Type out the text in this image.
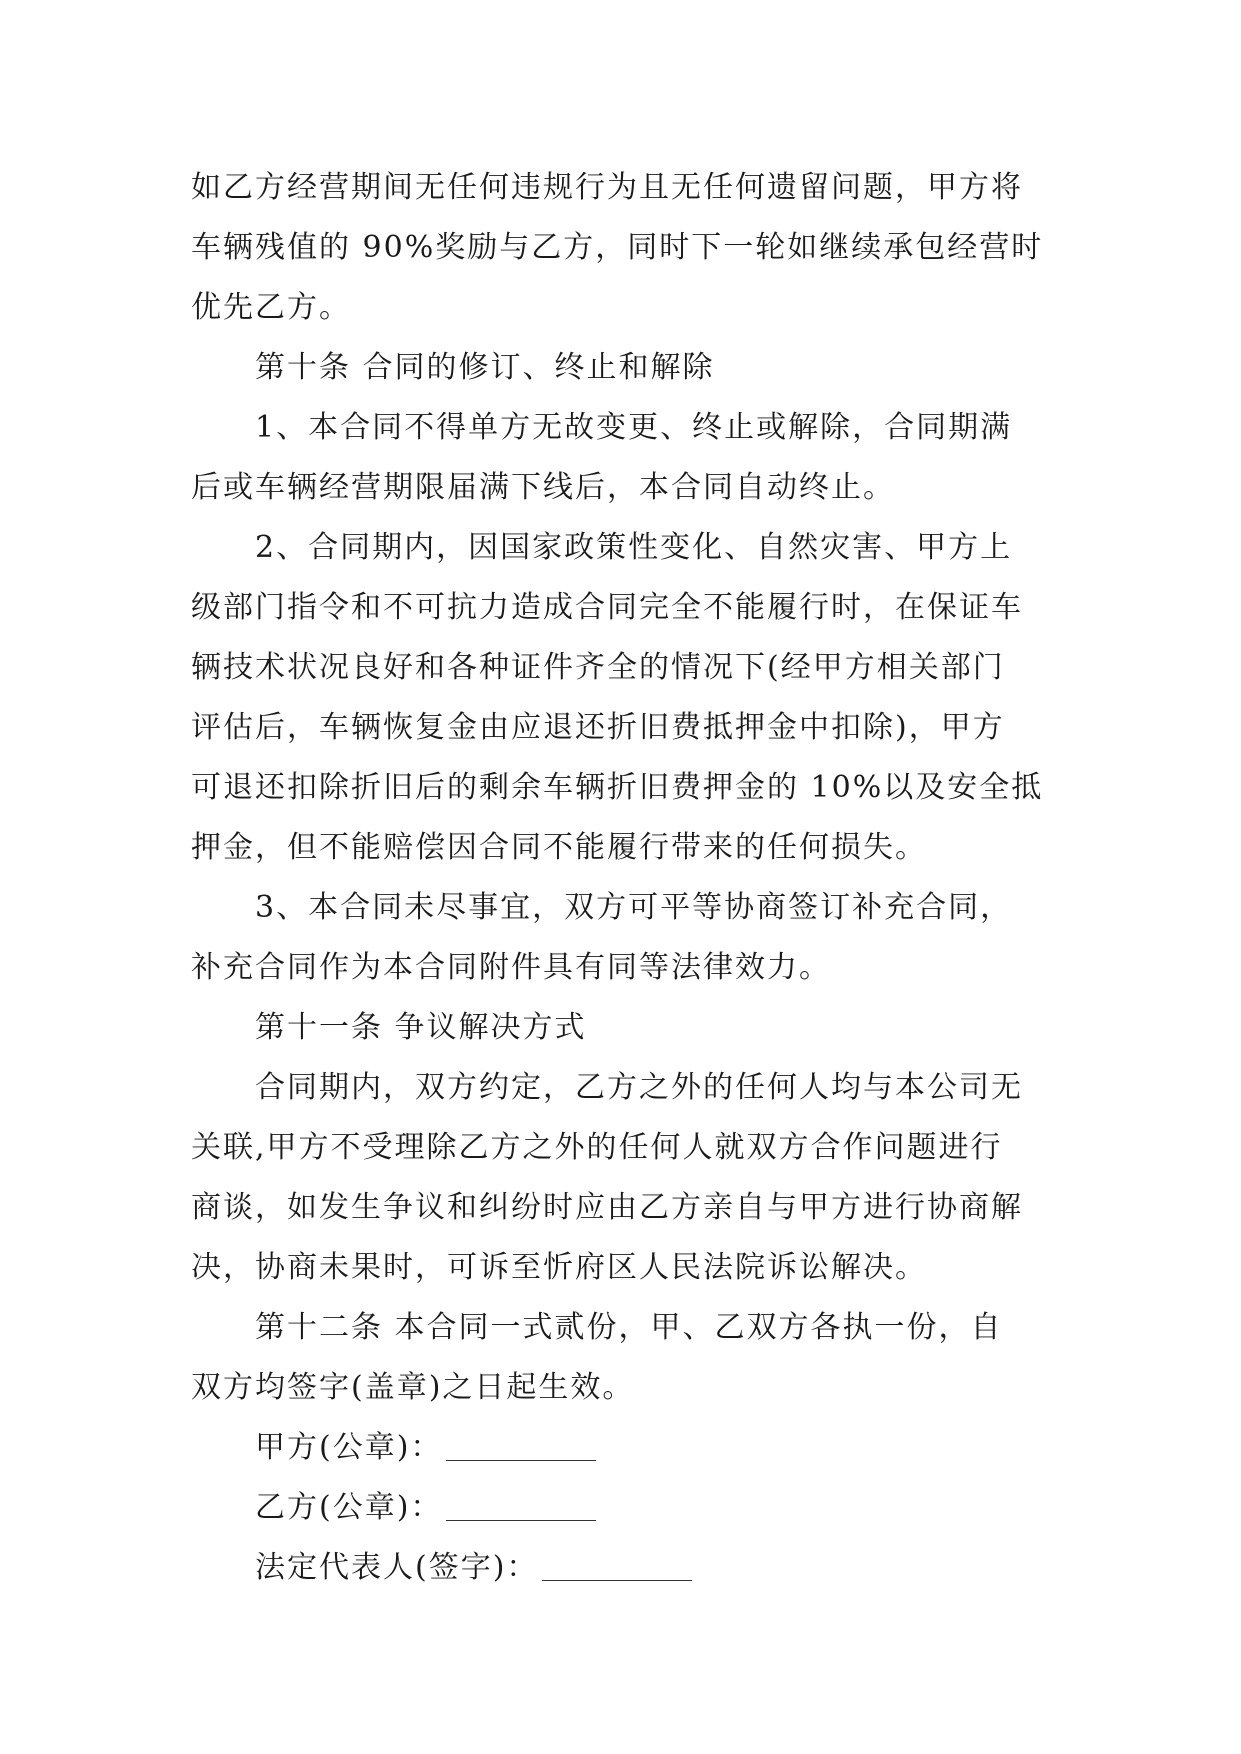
如乙方经营期间无任何违规行为且无任何遗留问题，甲方将
车辆残值的 90%奖励与乙方，同时下一轮如继续承包经营时
优先乙方。
第十条 合同的修订、终止和解除
1、本合同不得单方无故变更、终止或解除，合同期满
后或车辆经营期限届满下线后，本合同自动终止。
2、合同期内，因国家政策性变化、自然灾害、甲方上
级部门指令和不可抗力造成合同完全不能履行时，在保证车
辆技术状况良好和各种证件齐全的情况下(经甲方相关部门
评估后，车辆恢复金由应退还折旧费抵押金中扣除)，甲方
可退还扣除折旧后的剩余车辆折旧费押金的 10%以及安全抵
押金，但不能赔偿因合同不能履行带来的任何损失。
3、本合同未尽事宜，双方可平等协商签订补充合同，
补充合同作为本合同附件具有同等法律效力。
第十一条 争议解决方式
合同期内，双方约定，乙方之外的任何人均与本公司无
关联,甲方不受理除乙方之外的任何人就双方合作问题进行
商谈，如发生争议和纠纷时应由乙方亲自与甲方进行协商解
决，协商未果时，可诉至忻府区人民法院诉讼解决。
第十二条 本合同一式贰份，甲、乙双方各执一份，自
双方均签字(盖章)之日起生效。
甲方(公章)：
乙方(公章)：
法定代表人(签字)：
